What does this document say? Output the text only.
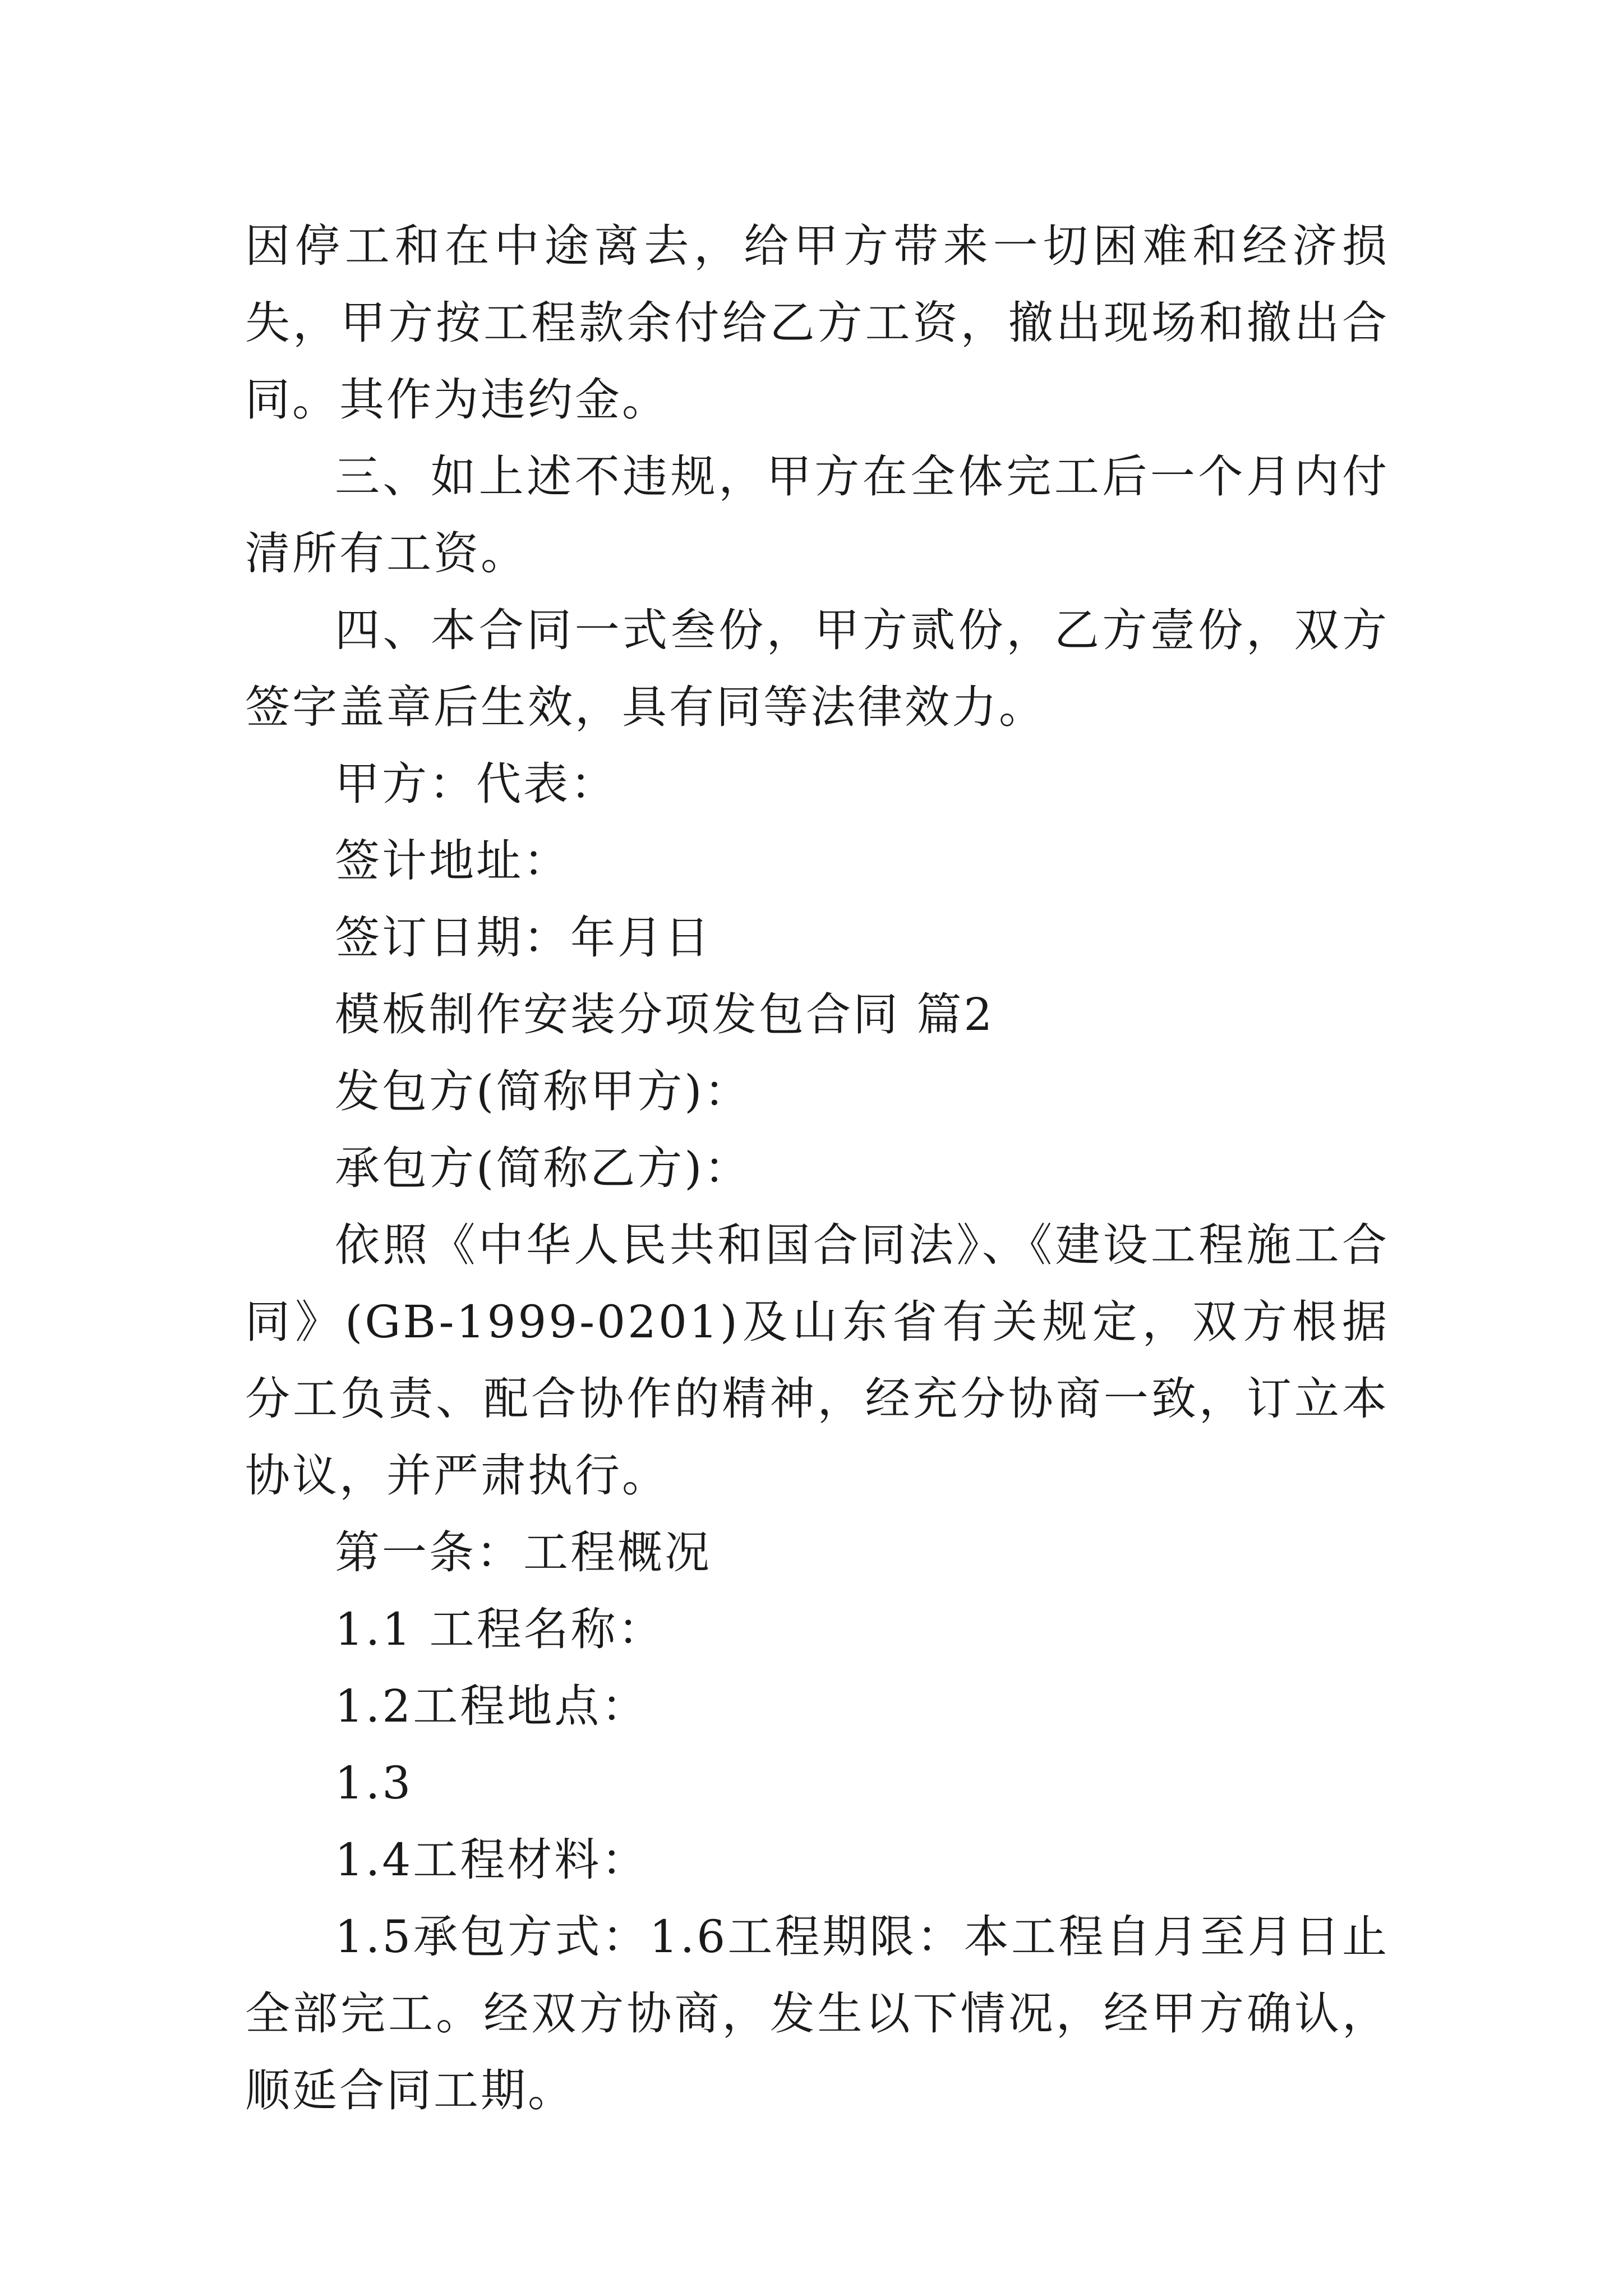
因停工和在中途离去，给甲方带来一切困难和经济损失，甲方按工程款余付给乙方工资，撤出现场和撤出合同。其作为违约金。

三、如上述不违规，甲方在全体完工后一个月内付清所有工资。

四、本合同一式叁份，甲方贰份，乙方壹份，双方签字盖章后生效，具有同等法律效力。

甲方：代表：

签计地址：

签订日期：年月日

模板制作安装分项发包合同 篇2

发包方(简称甲方)：

承包方(简称乙方)：

依照《中华人民共和国合同法》、《建设工程施工合同》(GB-1999-0201)及山东省有关规定，双方根据分工负责、配合协作的精神，经充分协商一致，订立本协议，并严肃执行。

第一条：工程概况

1.1 工程名称：

1.2工程地点：

1.3

1.4工程材料：

1.5承包方式：1.6工程期限：本工程自月至月日止全部完工。经双方协商，发生以下情况，经甲方确认，顺延合同工期。
